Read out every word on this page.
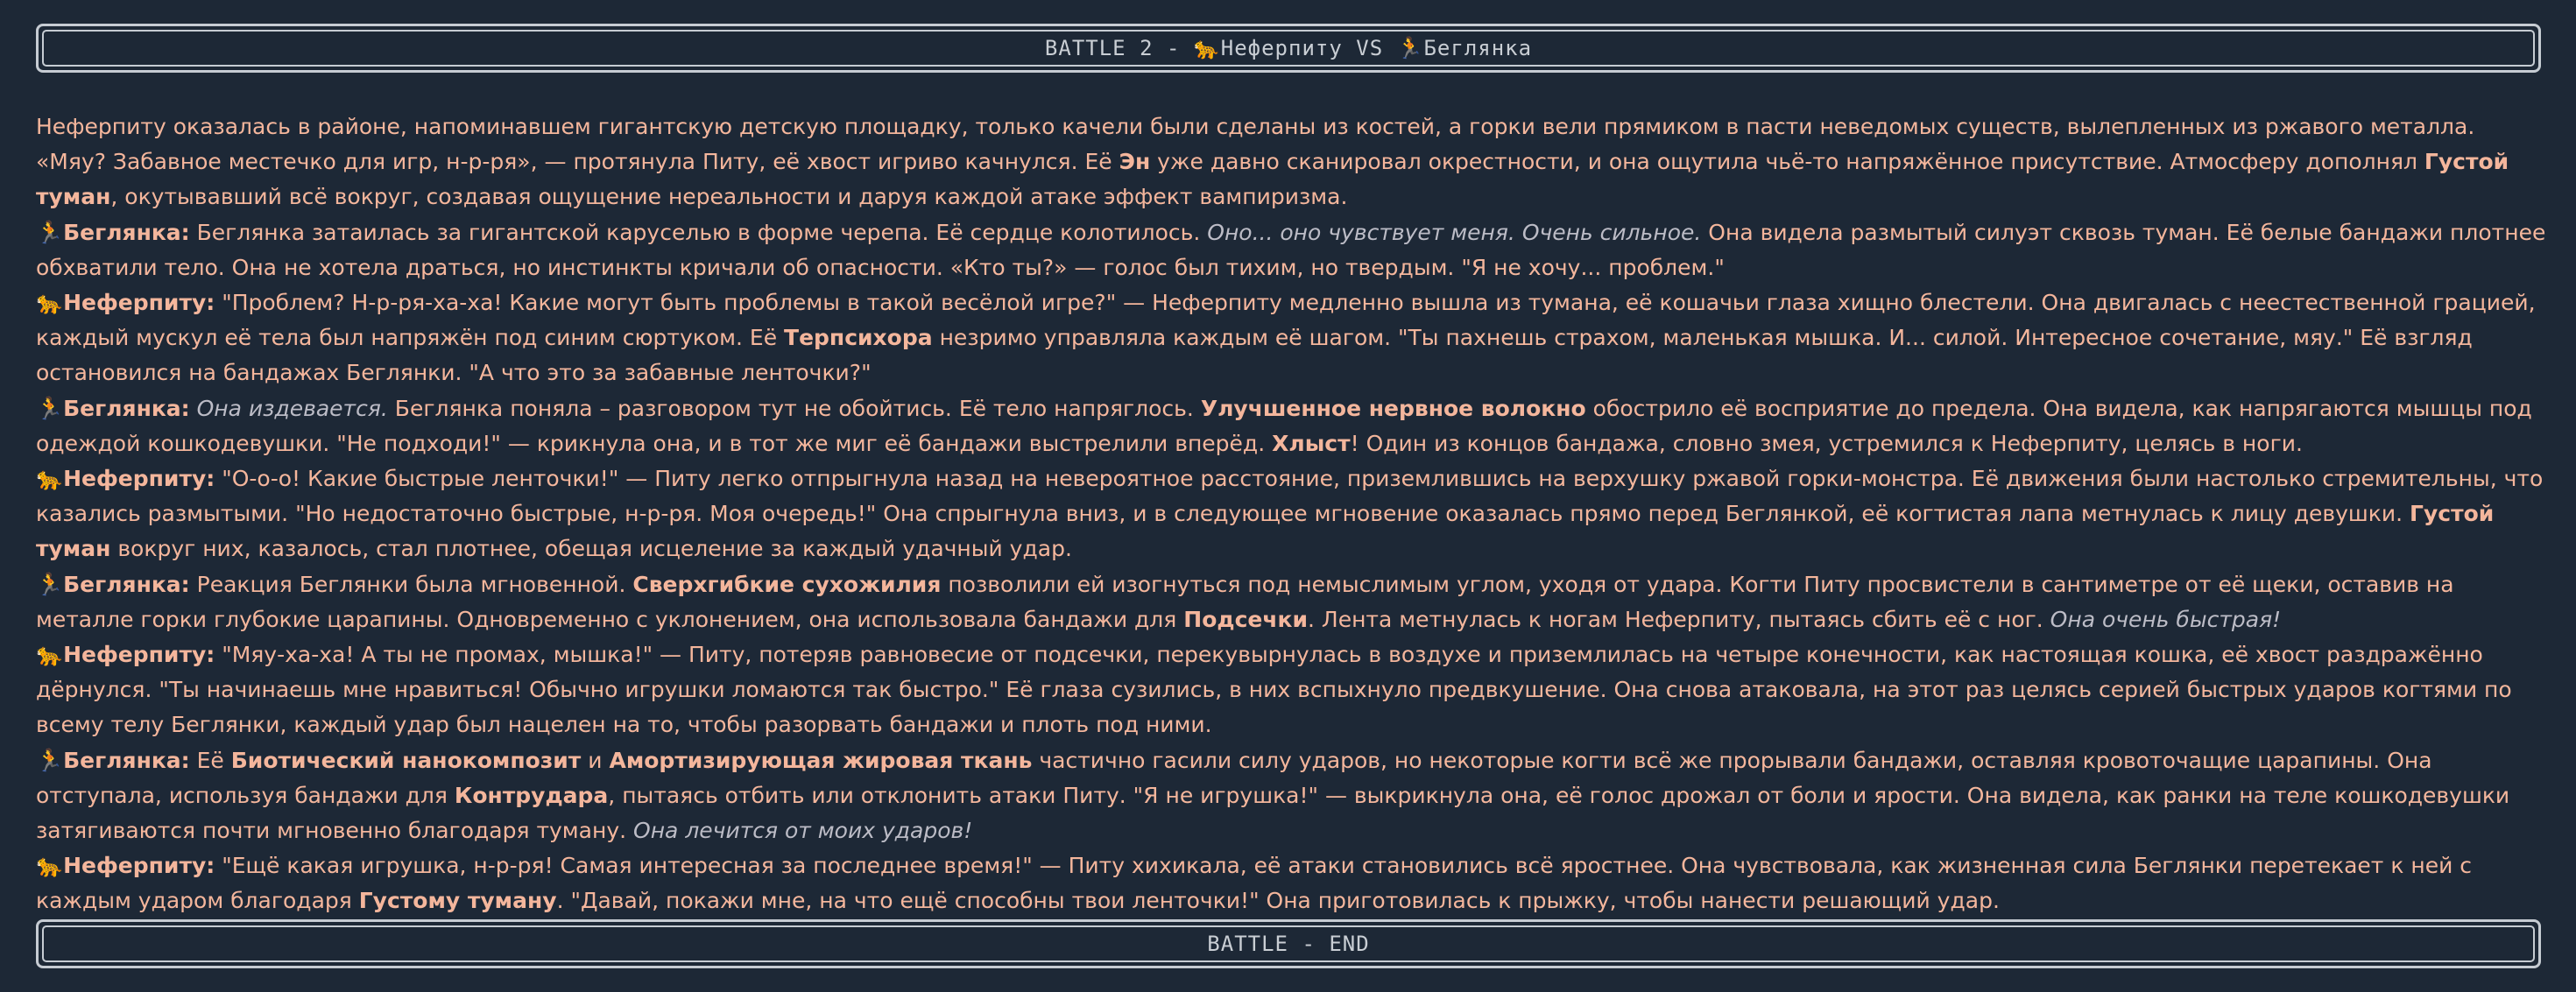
BATTLE 2 - 🐆Неферпиту VS 🏃Беглянка

Неферпиту оказалась в районе, напоминавшем гигантскую детскую площадку, только качели были сделаны из костей, а горки вели прямиком в пасти неведомых существ, вылепленных из ржавого металла. «Мяу? Забавное местечко для игр, н-р-ря», — протянула Питу, её хвост игриво качнулся. Её Эн уже давно сканировал окрестности, и она ощутила чьё-то напряжённое присутствие. Атмосферу дополнял Густой туман, окутывавший всё вокруг, создавая ощущение нереальности и даруя каждой атаке эффект вампиризма.

🏃Беглянка: Беглянка затаилась за гигантской каруселью в форме черепа. Её сердце колотилось. Оно... оно чувствует меня. Очень сильное. Она видела размытый силуэт сквозь туман. Её белые бандажи плотнее обхватили тело. Она не хотела драться, но инстинкты кричали об опасности. «Кто ты?» — голос был тихим, но твердым. "Я не хочу... проблем."

🐆Неферпиту: "Проблем? Н-р-ря-ха-ха! Какие могут быть проблемы в такой весёлой игре?" — Неферпиту медленно вышла из тумана, её кошачьи глаза хищно блестели. Она двигалась с неестественной грацией, каждый мускул её тела был напряжён под синим сюртуком. Её Терпсихора незримо управляла каждым её шагом. "Ты пахнешь страхом, маленькая мышка. И... силой. Интересное сочетание, мяу." Её взгляд остановился на бандажах Беглянки. "А что это за забавные ленточки?"

🏃Беглянка: Она издевается. Беглянка поняла – разговором тут не обойтись. Её тело напряглось. Улучшенное нервное волокно обострило её восприятие до предела. Она видела, как напрягаются мышцы под одеждой кошкодевушки. "Не подходи!" — крикнула она, и в тот же миг её бандажи выстрелили вперёд. Хлыст! Один из концов бандажа, словно змея, устремился к Неферпиту, целясь в ноги.

🐆Неферпиту: "О-о-о! Какие быстрые ленточки!" — Питу легко отпрыгнула назад на невероятное расстояние, приземлившись на верхушку ржавой горки-монстра. Её движения были настолько стремительны, что казались размытыми. "Но недостаточно быстрые, н-р-ря. Моя очередь!" Она спрыгнула вниз, и в следующее мгновение оказалась прямо перед Беглянкой, её когтистая лапа метнулась к лицу девушки. Густой туман вокруг них, казалось, стал плотнее, обещая исцеление за каждый удачный удар.

🏃Беглянка: Реакция Беглянки была мгновенной. Сверхгибкие сухожилия позволили ей изогнуться под немыслимым углом, уходя от удара. Когти Питу просвистели в сантиметре от её щеки, оставив на металле горки глубокие царапины. Одновременно с уклонением, она использовала бандажи для Подсечки. Лента метнулась к ногам Неферпиту, пытаясь сбить её с ног. Она очень быстрая!

🐆Неферпиту: "Мяу-ха-ха! А ты не промах, мышка!" — Питу, потеряв равновесие от подсечки, перекувырнулась в воздухе и приземлилась на четыре конечности, как настоящая кошка, её хвост раздражённо дёрнулся. "Ты начинаешь мне нравиться! Обычно игрушки ломаются так быстро." Её глаза сузились, в них вспыхнуло предвкушение. Она снова атаковала, на этот раз целясь серией быстрых ударов когтями по всему телу Беглянки, каждый удар был нацелен на то, чтобы разорвать бандажи и плоть под ними.

🏃Беглянка: Её Биотический нанокомпозит и Амортизирующая жировая ткань частично гасили силу ударов, но некоторые когти всё же прорывали бандажи, оставляя кровоточащие царапины. Она отступала, используя бандажи для Контрудара, пытаясь отбить или отклонить атаки Питу. "Я не игрушка!" — выкрикнула она, её голос дрожал от боли и ярости. Она видела, как ранки на теле кошкодевушки затягиваются почти мгновенно благодаря туману. Она лечится от моих ударов!

🐆Неферпиту: "Ещё какая игрушка, н-р-ря! Самая интересная за последнее время!" — Питу хихикала, её атаки становились всё яростнее. Она чувствовала, как жизненная сила Беглянки перетекает к ней с каждым ударом благодаря Густому туману. "Давай, покажи мне, на что ещё способны твои ленточки!" Она приготовилась к прыжку, чтобы нанести решающий удар.

BATTLE - END
